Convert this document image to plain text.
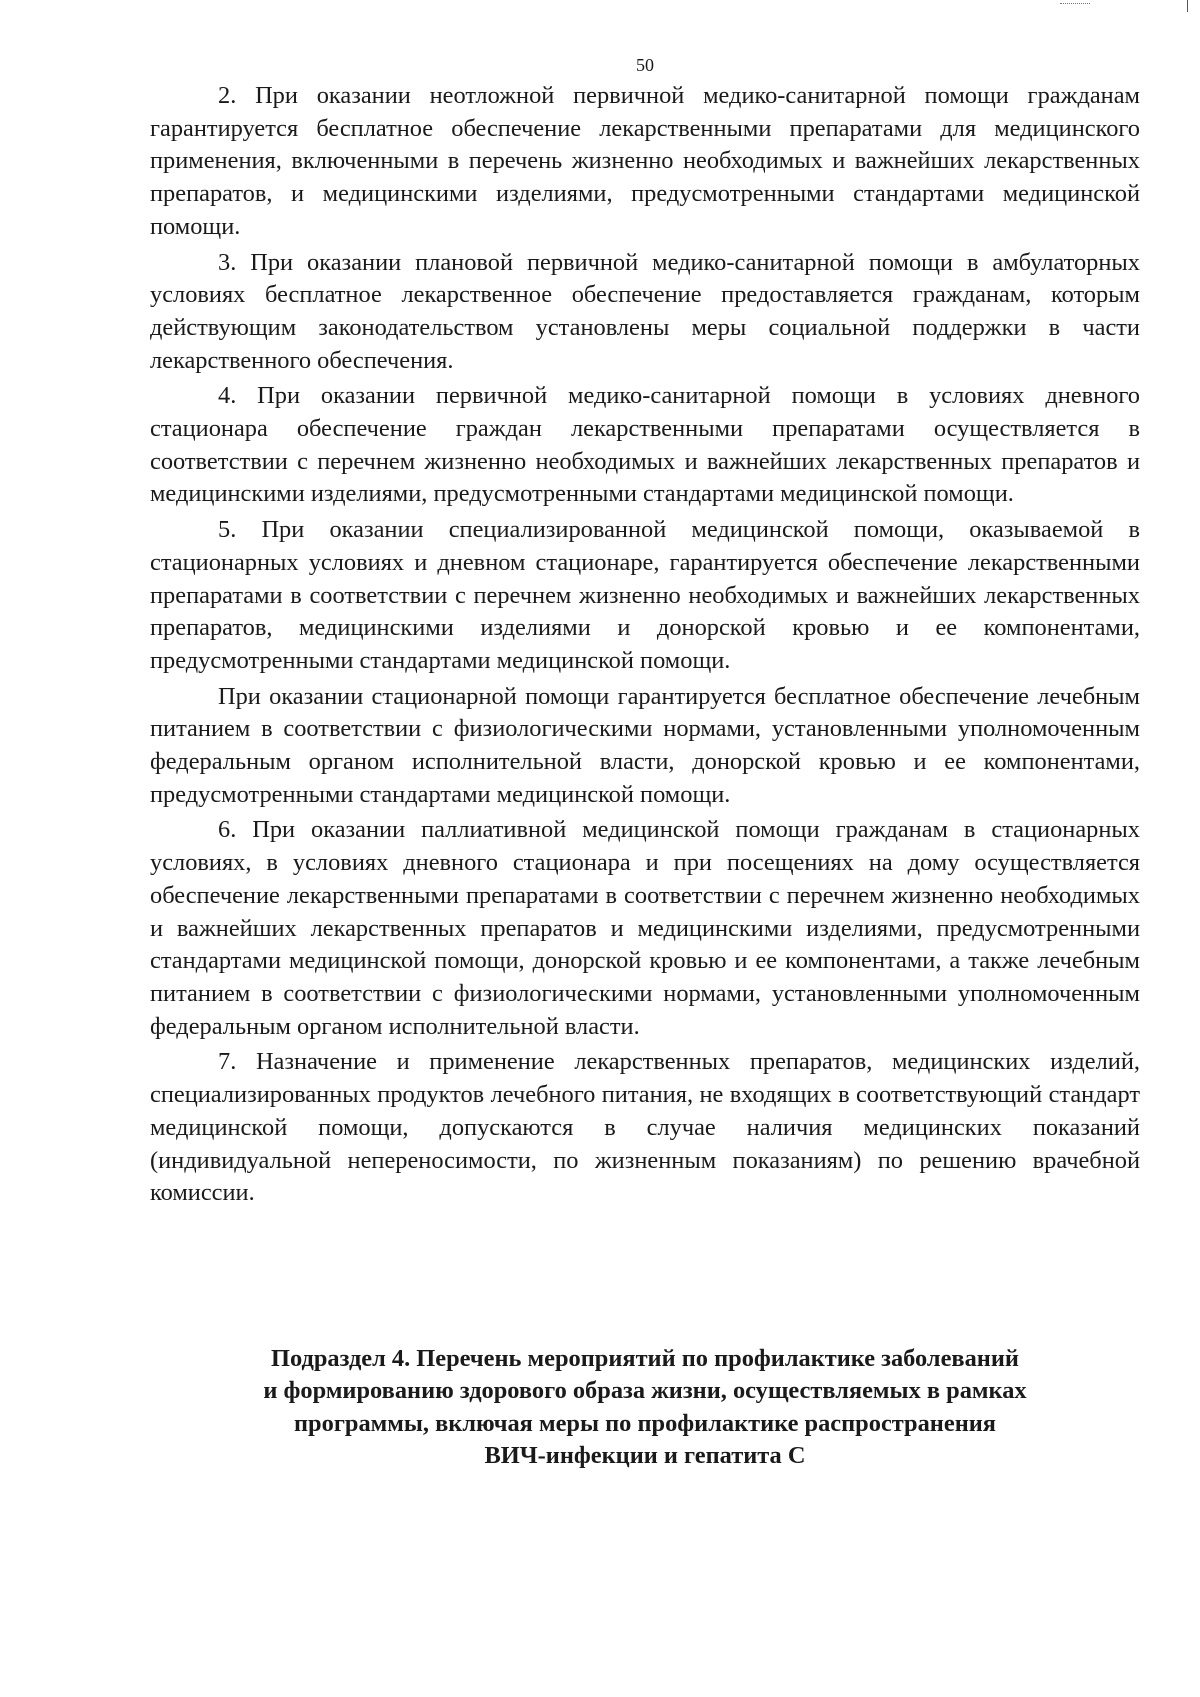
50

2. При оказании неотложной первичной медико-санитарной помощи гражданам гарантируется бесплатное обеспечение лекарственными препаратами для медицинского применения, включенными в перечень жизненно необходимых и важнейших лекарственных препаратов, и медицинскими изделиями, предусмотренными стандартами медицинской помощи.

3. При оказании плановой первичной медико-санитарной помощи в амбулаторных условиях бесплатное лекарственное обеспечение предоставляется гражданам, которым действующим законодательством установлены меры социальной поддержки в части лекарственного обеспечения.

4. При оказании первичной медико-санитарной помощи в условиях дневного стационара обеспечение граждан лекарственными препаратами осуществляется в соответствии с перечнем жизненно необходимых и важнейших лекарственных препаратов и медицинскими изделиями, предусмотренными стандартами медицинской помощи.

5. При оказании специализированной медицинской помощи, оказываемой в стационарных условиях и дневном стационаре, гарантируется обеспечение лекарственными препаратами в соответствии с перечнем жизненно необходимых и важнейших лекарственных препаратов, медицинскими изделиями и донорской кровью и ее компонентами, предусмотренными стандартами медицинской помощи.

При оказании стационарной помощи гарантируется бесплатное обеспечение лечебным питанием в соответствии с физиологическими нормами, установленными уполномоченным федеральным органом исполнительной власти, донорской кровью и ее компонентами, предусмотренными стандартами медицинской помощи.

6. При оказании паллиативной медицинской помощи гражданам в стационарных условиях, в условиях дневного стационара и при посещениях на дому осуществляется обеспечение лекарственными препаратами в соответствии с перечнем жизненно необходимых и важнейших лекарственных препаратов и медицинскими изделиями, предусмотренными стандартами медицинской помощи, донорской кровью и ее компонентами, а также лечебным питанием в соответствии с физиологическими нормами, установленными уполномоченным федеральным органом исполнительной власти.

7. Назначение и применение лекарственных препаратов, медицинских изделий, специализированных продуктов лечебного питания, не входящих в соответствующий стандарт медицинской помощи, допускаются в случае наличия медицинских показаний (индивидуальной непереносимости, по жизненным показаниям) по решению врачебной комиссии.

Подраздел 4. Перечень мероприятий по профилактике заболеваний
и формированию здорового образа жизни, осуществляемых в рамках
программы, включая меры по профилактике распространения
ВИЧ-инфекции и гепатита С
